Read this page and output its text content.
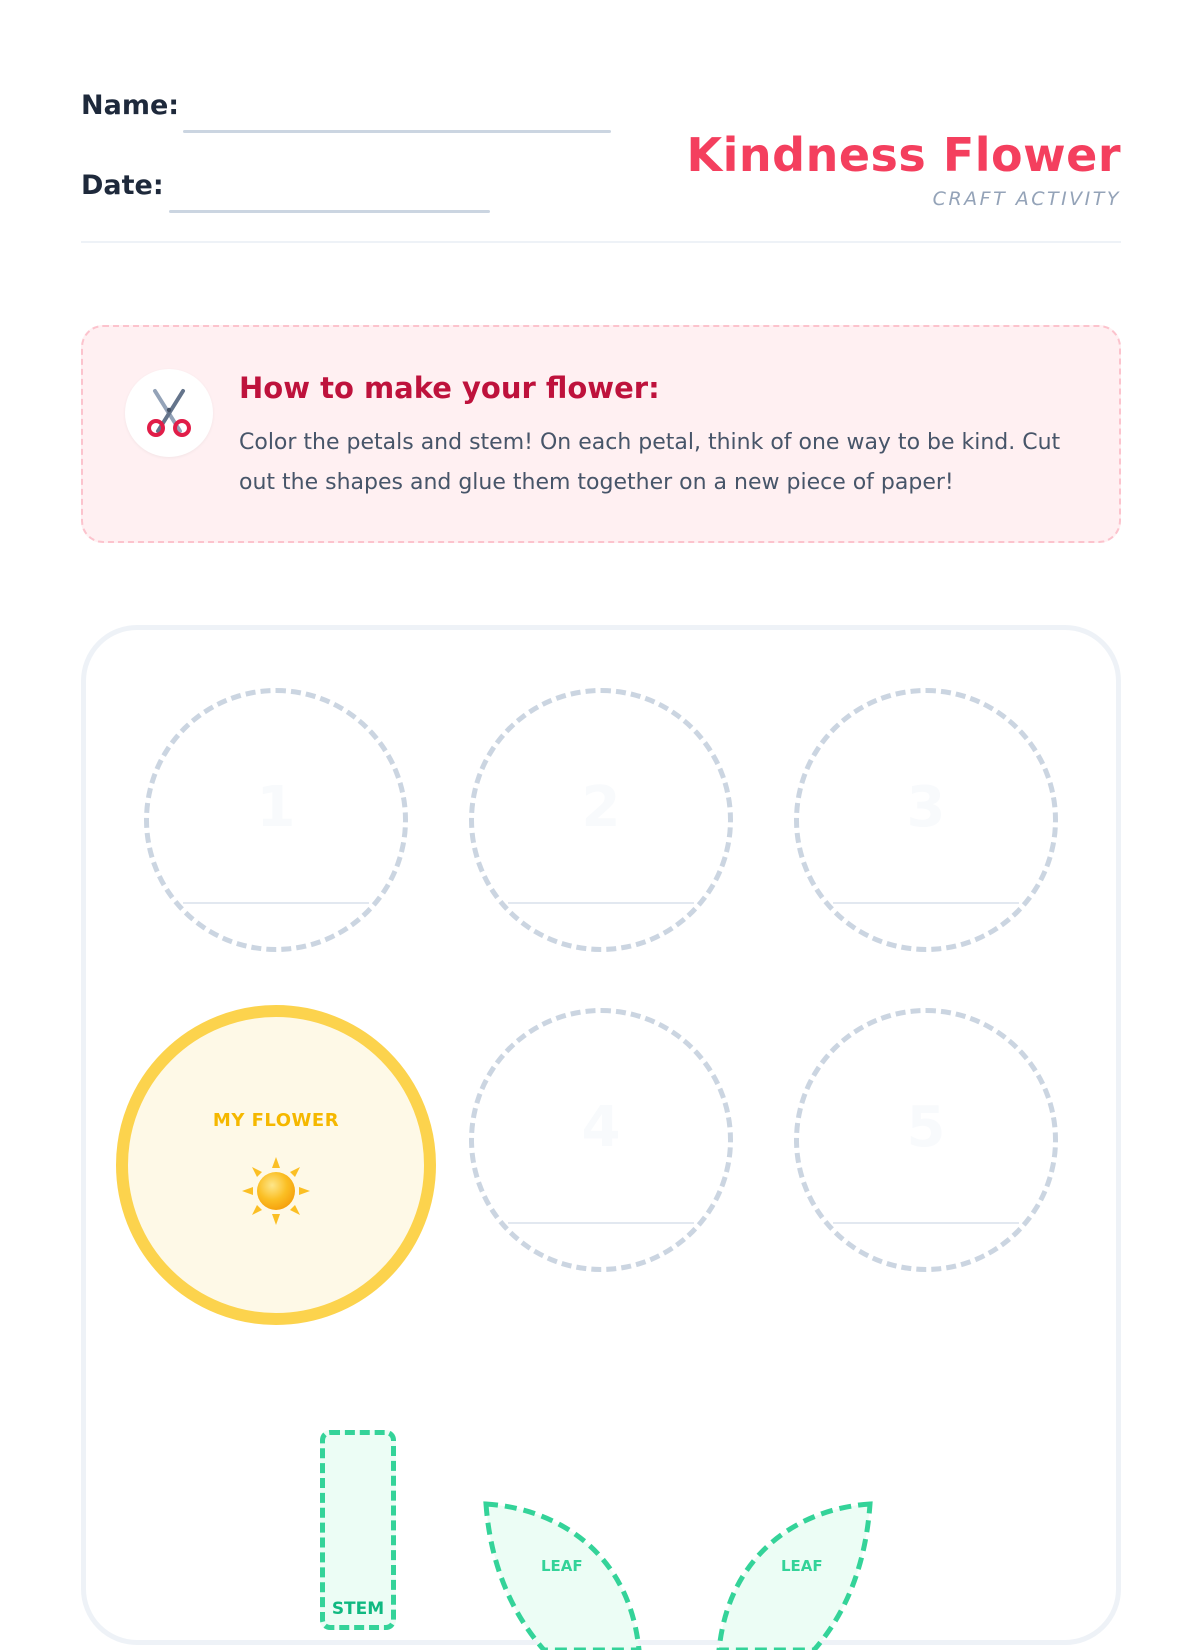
Name:
Date:
Kindness Flower
CRAFT ACTIVITY
How to make your flower:
Color the petals and stem! On each petal, think of one way to be kind. Cut out the shapes and glue them together on a new piece of paper!
1	2	3
MY FLOWER	4	5
STEM
LEAF	LEAF
